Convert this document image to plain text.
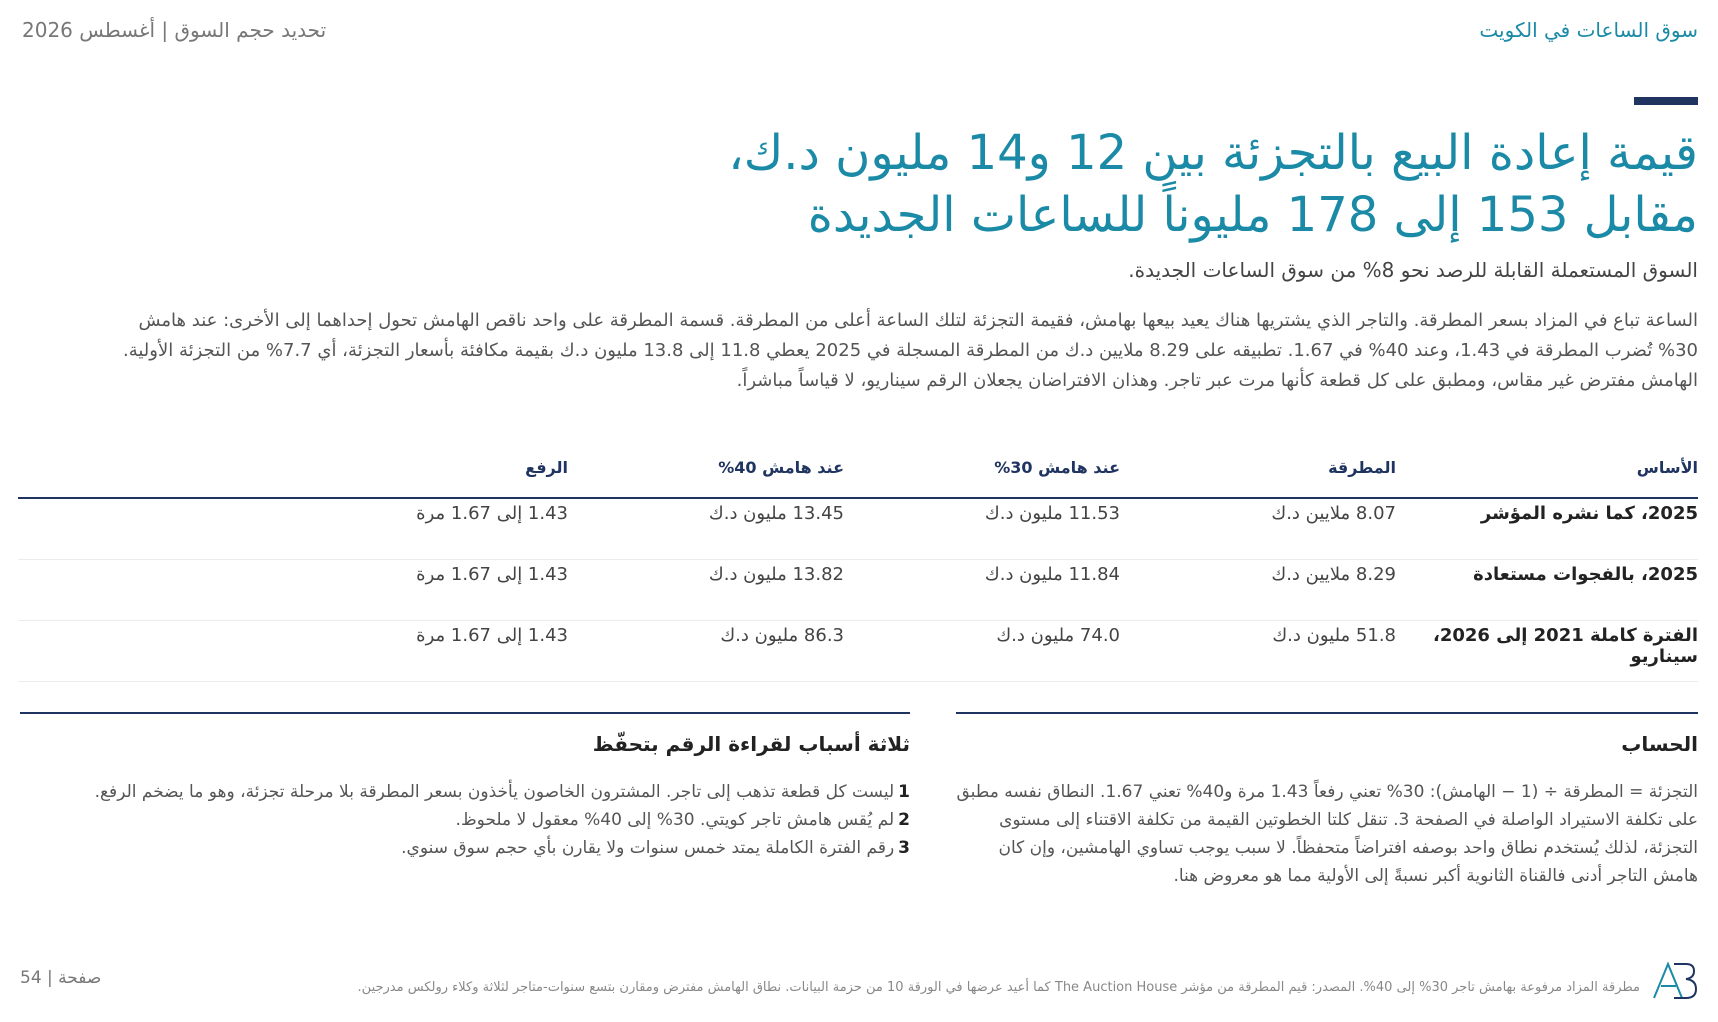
سوق الساعات في الكويت
تحديد حجم السوق | أغسطس 2026
قيمة إعادة البيع بالتجزئة بين 12 و14 مليون د.ك،
مقابل 153 إلى 178 مليوناً للساعات الجديدة
السوق المستعملة القابلة للرصد نحو 8% من سوق الساعات الجديدة.

الساعة تباع في المزاد بسعر المطرقة. والتاجر الذي يشتريها هناك يعيد بيعها بهامش، فقيمة التجزئة لتلك الساعة أعلى من المطرقة. قسمة المطرقة على واحد ناقص الهامش تحول إحداهما إلى الأخرى: عند هامش 30% تُضرب المطرقة في 1.43، وعند 40% في 1.67. تطبيقه على 8.29 ملايين د.ك من المطرقة المسجلة في 2025 يعطي 11.8 إلى 13.8 مليون د.ك بقيمة مكافئة بأسعار التجزئة، أي 7.7% من التجزئة الأولية. الهامش مفترض غير مقاس، ومطبق على كل قطعة كأنها مرت عبر تاجر. وهذان الافتراضان يجعلان الرقم سيناريو، لا قياساً مباشراً.

الأساس	المطرقة	عند هامش 30%	عند هامش 40%	الرفع
2025، كما نشره المؤشر	8.07 ملايين د.ك	11.53 مليون د.ك	13.45 مليون د.ك	1.43 إلى 1.67 مرة
2025، بالفجوات مستعادة	8.29 ملايين د.ك	11.84 مليون د.ك	13.82 مليون د.ك	1.43 إلى 1.67 مرة
الفترة كاملة 2021 إلى 2026، سيناريو	51.8 مليون د.ك	74.0 مليون د.ك	86.3 مليون د.ك	1.43 إلى 1.67 مرة
الحساب
التجزئة = المطرقة ÷ (1 − الهامش): 30% تعني رفعاً 1.43 مرة و40% تعني 1.67. النطاق نفسه مطبق على تكلفة الاستيراد الواصلة في الصفحة 3. تنقل كلتا الخطوتين القيمة من تكلفة الاقتناء إلى مستوى التجزئة، لذلك يُستخدم نطاق واحد بوصفه افتراضاً متحفظاً. لا سبب يوجب تساوي الهامشين، وإن كان هامش التاجر أدنى فالقناة الثانوية أكبر نسبةً إلى الأولية مما هو معروض هنا.
ثلاثة أسباب لقراءة الرقم بتحفّظ
1ليست كل قطعة تذهب إلى تاجر. المشترون الخاصون يأخذون بسعر المطرقة بلا مرحلة تجزئة، وهو ما يضخم الرفع.
2لم يُقس هامش تاجر كويتي. 30% إلى 40% معقول لا ملحوظ.
3رقم الفترة الكاملة يمتد خمس سنوات ولا يقارن بأي حجم سوق سنوي.
مطرقة المزاد مرفوعة بهامش تاجر 30% إلى 40%. المصدر: قيم المطرقة من مؤشر The Auction House كما أعيد عرضها في الورقة 10 من حزمة البيانات. نطاق الهامش مفترض ومقارن بتسع سنوات-متاجر لثلاثة وكلاء رولكس مدرجين.
صفحة | 54
